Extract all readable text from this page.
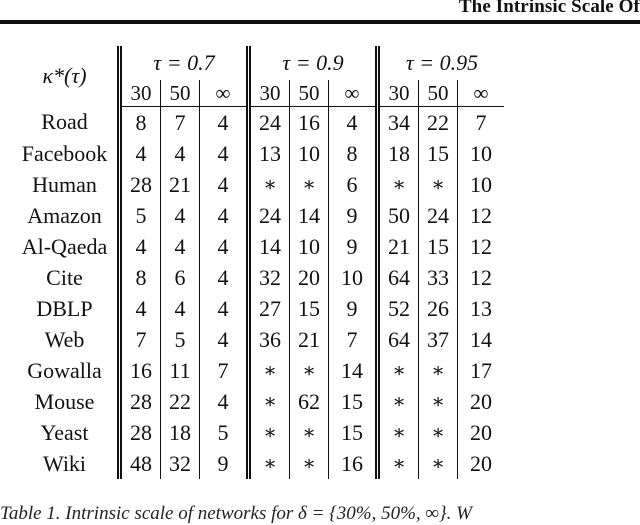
The Intrinsic Scale Of
κ*(τ)	τ = 0.7			τ = 0.9			τ = 0.95		
	30	50	∞	30	50	∞	30	50	∞
Road	8	7	4	24	16	4	34	22	7
Facebook	4	4	4	13	10	8	18	15	10
Human	28	21	4	∗	∗	6	∗	∗	10
Amazon	5	4	4	24	14	9	50	24	12
Al-Qaeda	4	4	4	14	10	9	21	15	12
Cite	8	6	4	32	20	10	64	33	12
DBLP	4	4	4	27	15	9	52	26	13
Web	7	5	4	36	21	7	64	37	14
Gowalla	16	11	7	∗	∗	14	∗	∗	17
Mouse	28	22	4	∗	62	15	∗	∗	20
Yeast	28	18	5	∗	∗	15	∗	∗	20
Wiki	48	32	9	∗	∗	16	∗	∗	20
Table 1. Intrinsic scale of networks for δ = {30%, 50%, ∞}. W
